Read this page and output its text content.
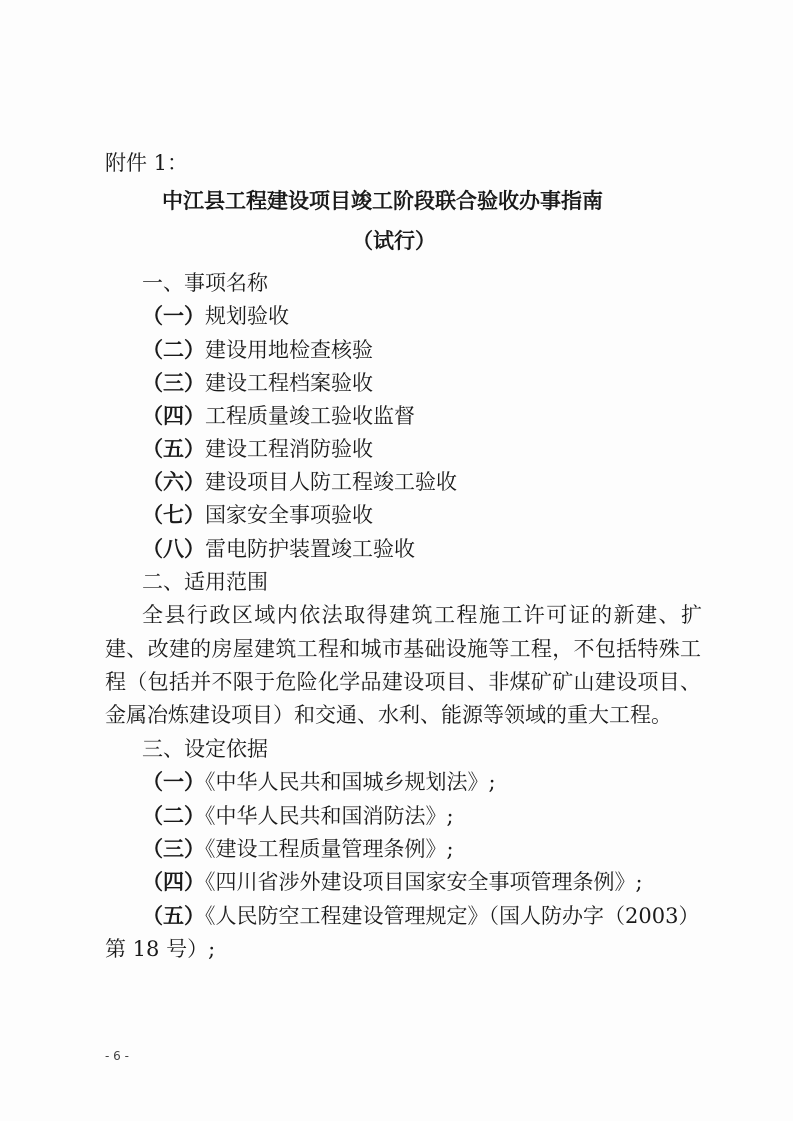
附件 1：
中江县工程建设项目竣工阶段联合验收办事指南
（试行）
一、事项名称
（一）规划验收
（二）建设用地检查核验
（三）建设工程档案验收
（四）工程质量竣工验收监督
（五）建设工程消防验收
（六）建设项目人防工程竣工验收
（七）国家安全事项验收
（八）雷电防护装置竣工验收
二、适用范围
全县行政区域内依法取得建筑工程施工许可证的新建、扩
建、改建的房屋建筑工程和城市基础设施等工程，不包括特殊工
程（包括并不限于危险化学品建设项目、非煤矿矿山建设项目、
金属冶炼建设项目）和交通、水利、能源等领域的重大工程。
三、设定依据
（一）《中华人民共和国城乡规划法》;
（二）《中华人民共和国消防法》;
（三）《建设工程质量管理条例》;
（四）《四川省涉外建设项目国家安全事项管理条例》;
（五）《人民防空工程建设管理规定》（国人防办字（2003）
第 18 号）;
- 6 -
